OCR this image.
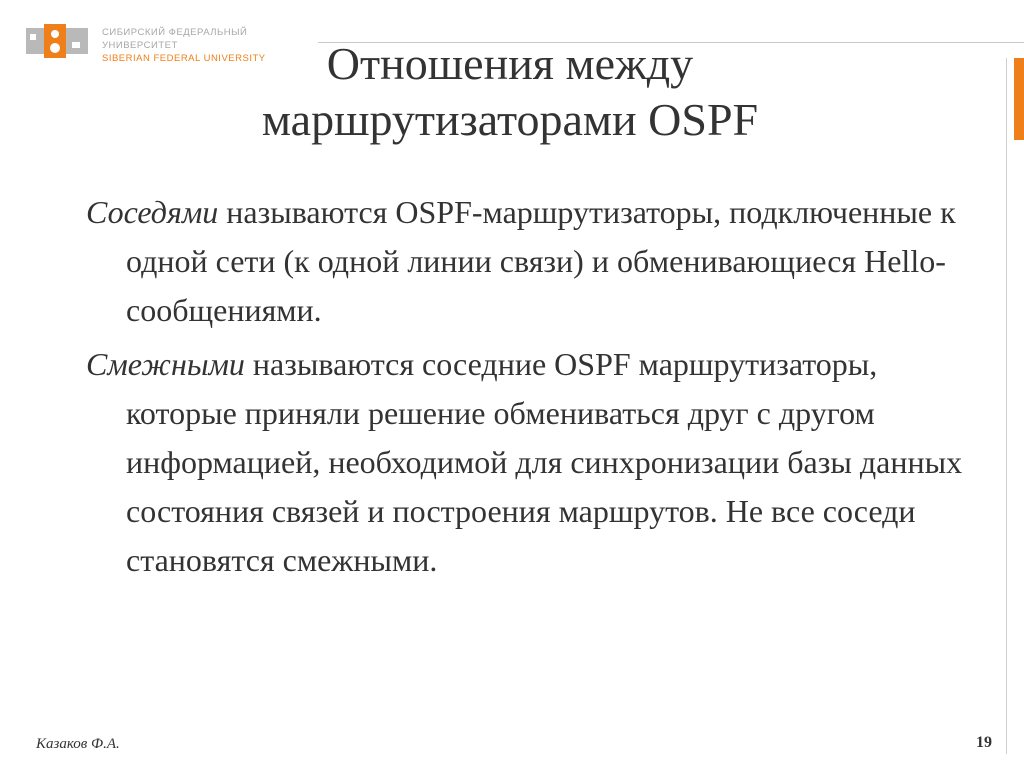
СИБИРСКИЙ ФЕДЕРАЛЬНЫЙ УНИВЕРСИТЕТ
SIBERIAN FEDERAL UNIVERSITY	Отношения между
маршрутизаторами OSPF

Соседями называются OSPF-маршрутизаторы, подключенные к одной сети (к одной линии связи) и обменивающиеся Hello-сообщениями.

Смежными называются соседние OSPF маршрутизаторы, которые приняли решение обмениваться друг с другом информацией, необходимой для синхронизации базы данных состояния связей и построения маршрутов. Не все соседи становятся смежными.

Казаков Ф.А.	19
